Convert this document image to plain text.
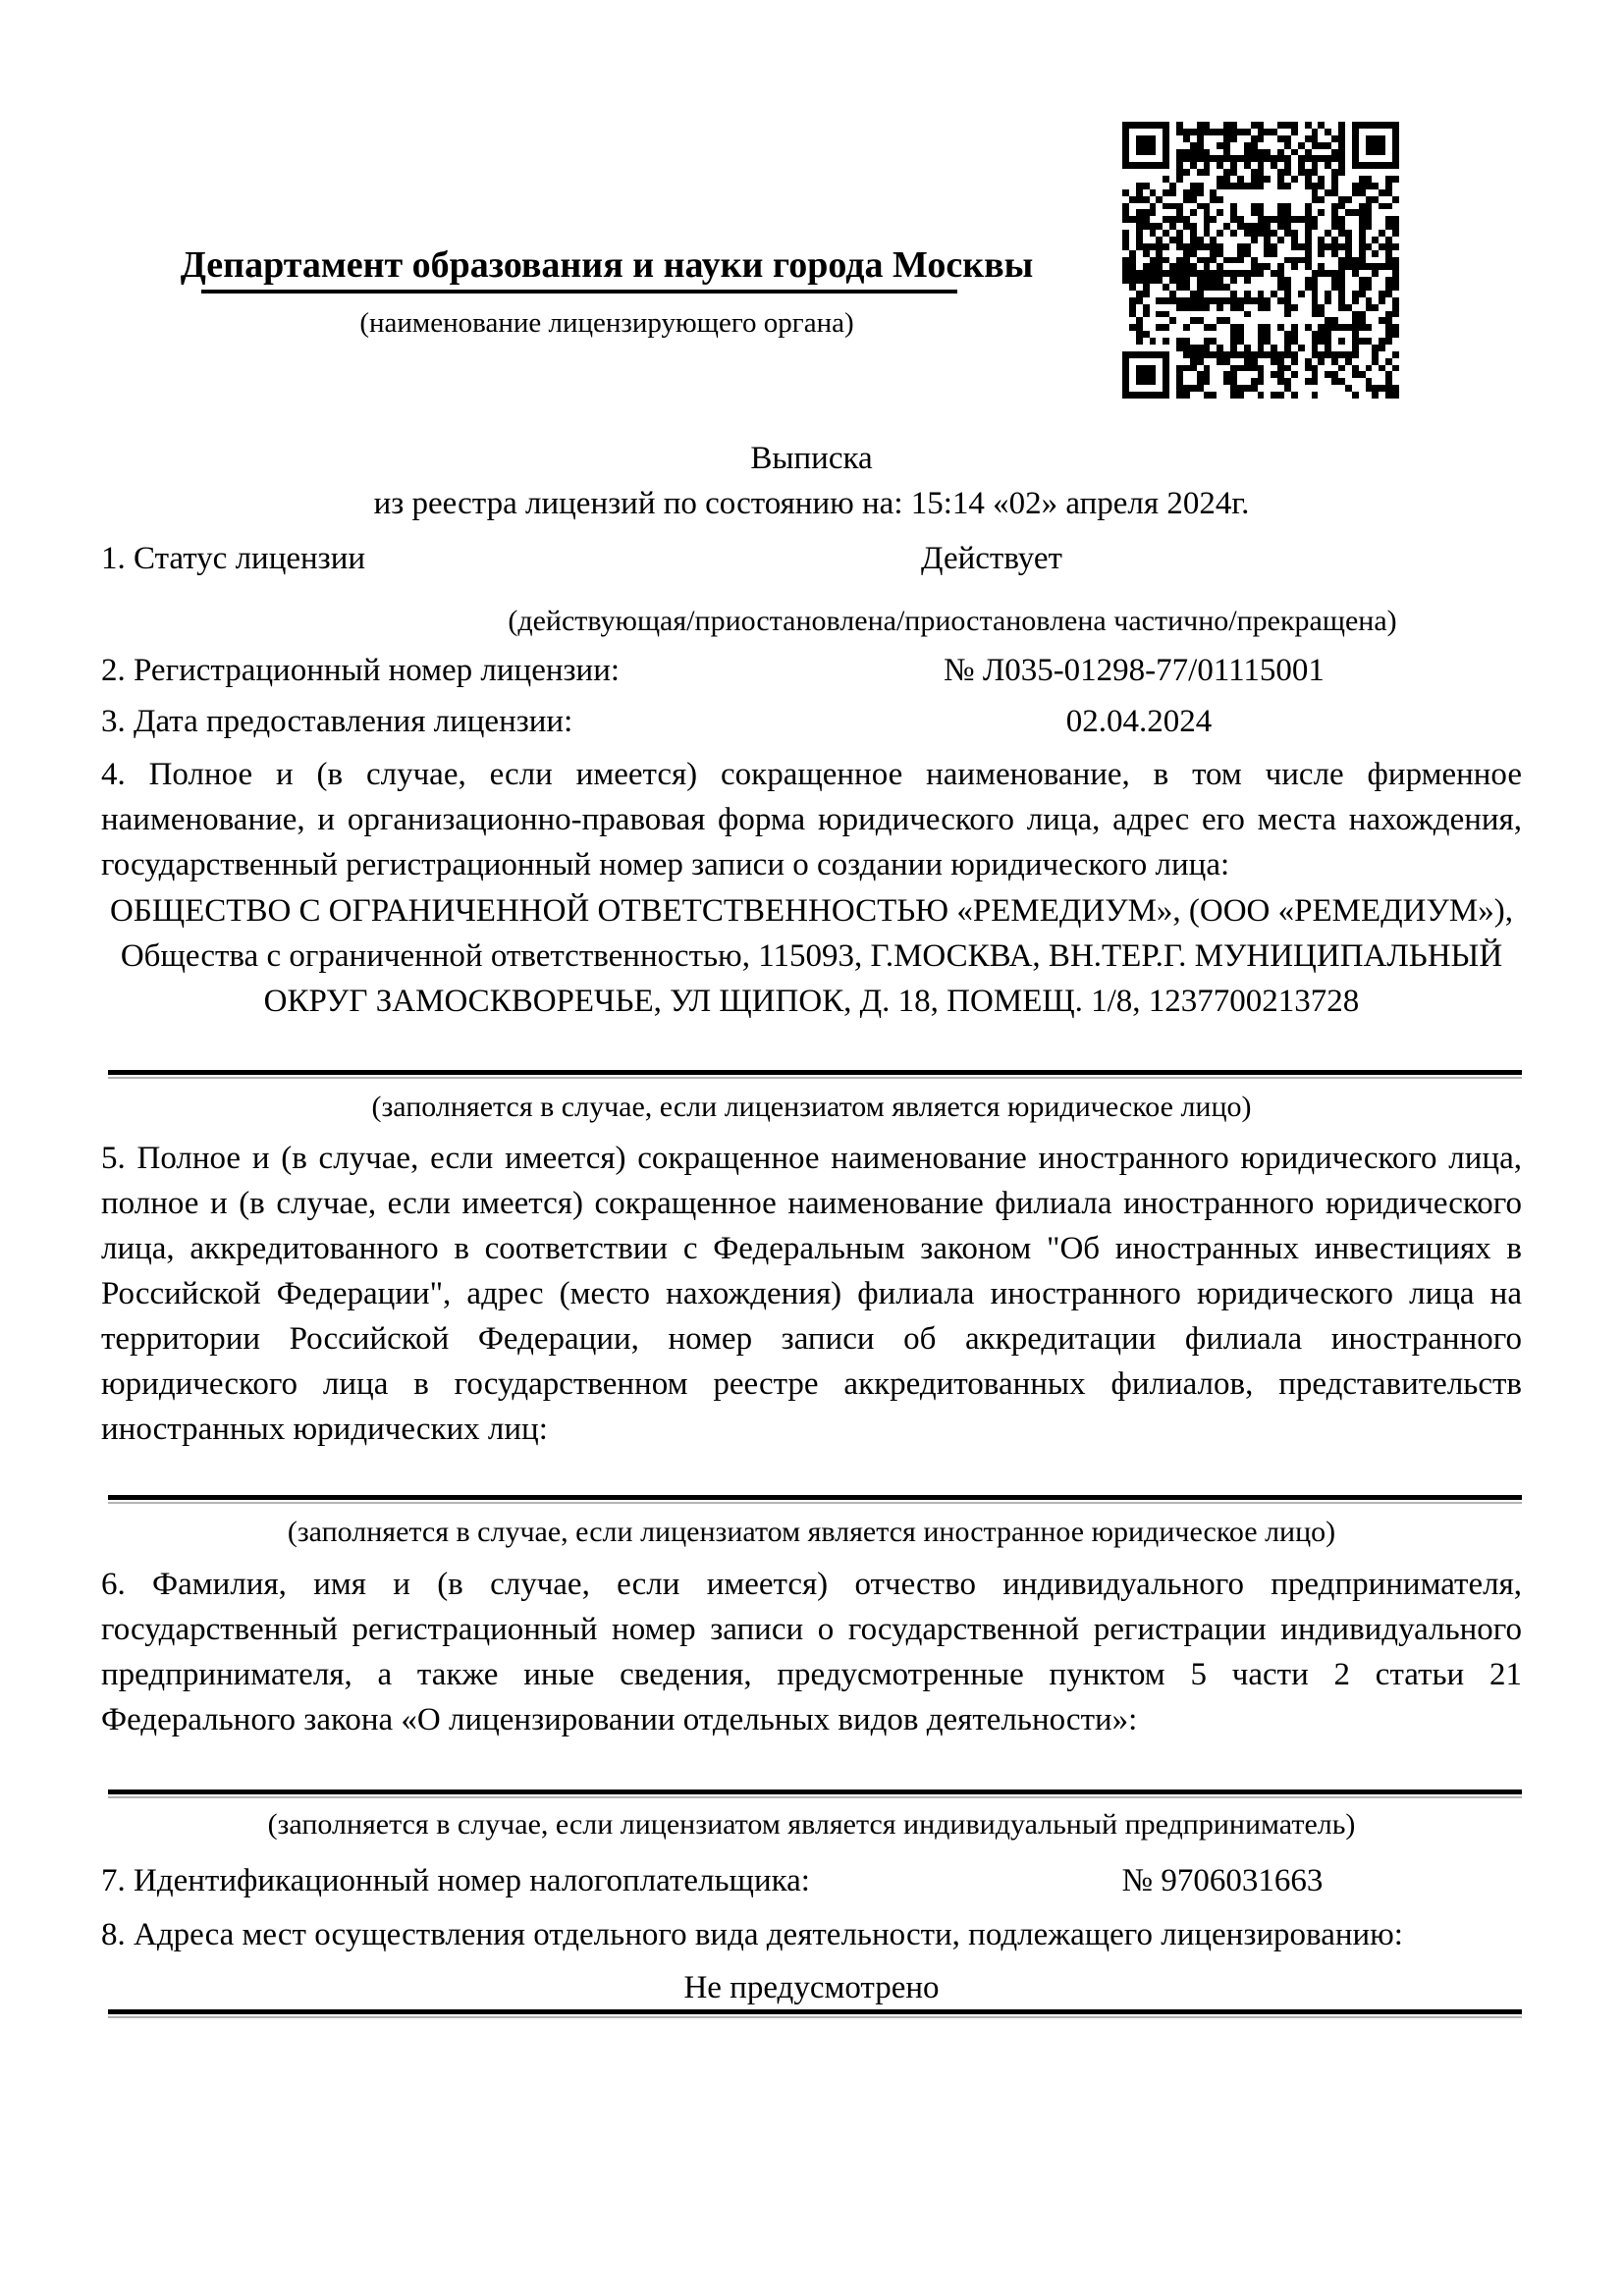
Департамент образования и науки города Москвы
(наименование лицензирующего органа)
Выписка
из реестра лицензий по состоянию на: 15:14 «02» апреля 2024г.
1. Статус лицензии	Действует
(действующая/приостановлена/приостановлена частично/прекращена)
2. Регистрационный номер лицензии:	№ Л035-01298-77/01115001
3. Дата предоставления лицензии:	02.04.2024
4. Полное и (в случае, если имеется) сокращенное наименование, в том числе фирменное наименование, и организационно-правовая форма юридического лица, адрес его места нахождения, государственный регистрационный номер записи о создании юридического лица:
ОБЩЕСТВО С ОГРАНИЧЕННОЙ ОТВЕТСТВЕННОСТЬЮ «РЕМЕДИУМ», (ООО «РЕМЕДИУМ»), Общества с ограниченной ответственностью, 115093, Г.МОСКВА, ВН.ТЕР.Г. МУНИЦИПАЛЬНЫЙ ОКРУГ ЗАМОСКВОРЕЧЬЕ, УЛ ЩИПОК, Д. 18, ПОМЕЩ. 1/8, 1237700213728
(заполняется в случае, если лицензиатом является юридическое лицо)
5. Полное и (в случае, если имеется) сокращенное наименование иностранного юридического лица, полное и (в случае, если имеется) сокращенное наименование филиала иностранного юридического лица, аккредитованного в соответствии с Федеральным законом "Об иностранных инвестициях в Российской Федерации", адрес (место нахождения) филиала иностранного юридического лица на территории Российской Федерации, номер записи об аккредитации филиала иностранного юридического лица в государственном реестре аккредитованных филиалов, представительств иностранных юридических лиц:
(заполняется в случае, если лицензиатом является иностранное юридическое лицо)
6. Фамилия, имя и (в случае, если имеется) отчество индивидуального предпринимателя, государственный регистрационный номер записи о государственной регистрации индивидуального предпринимателя, а также иные сведения, предусмотренные пунктом 5 части 2 статьи 21 Федерального закона «О лицензировании отдельных видов деятельности»:
(заполняется в случае, если лицензиатом является индивидуальный предприниматель)
7. Идентификационный номер налогоплательщика:	№ 9706031663
8. Адреса мест осуществления отдельного вида деятельности, подлежащего лицензированию:
Не предусмотрено
